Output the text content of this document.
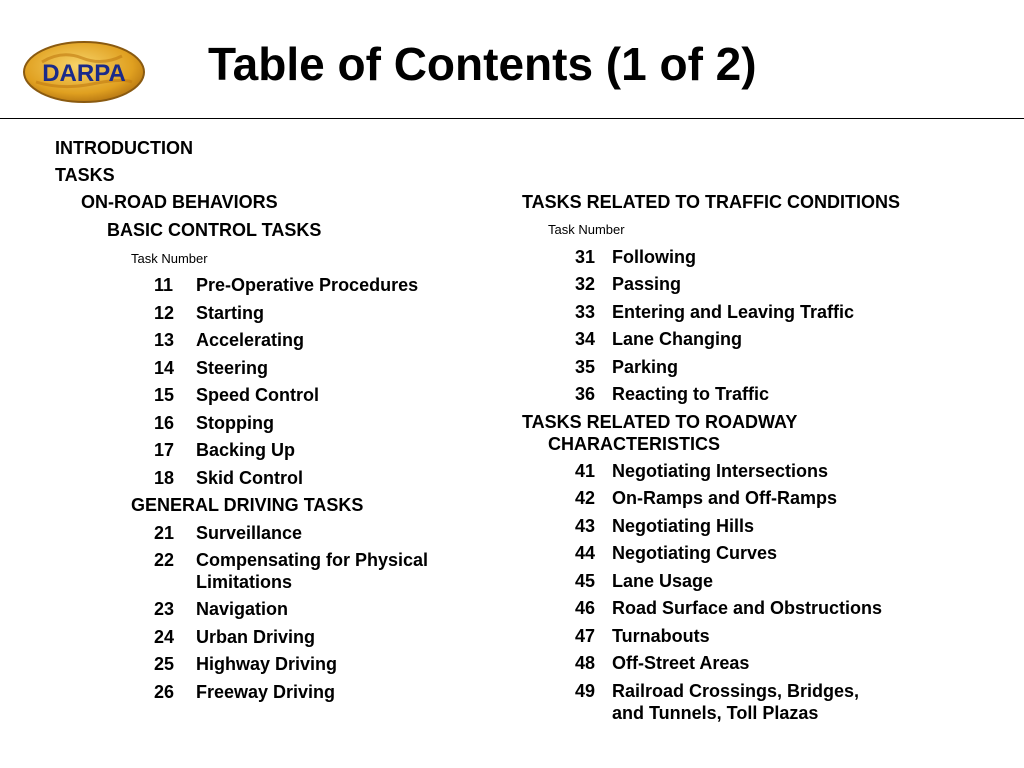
DARPA Table of Contents (1 of 2)
INTRODUCTION
TASKS
ON-ROAD BEHAVIORS
BASIC CONTROL TASKS
Task Number
11 Pre-Operative Procedures
12 Starting
13 Accelerating
14 Steering
15 Speed Control
16 Stopping
17 Backing Up
18 Skid Control
GENERAL DRIVING TASKS
21 Surveillance
22 Compensating for Physical
Limitations
23 Navigation
24 Urban Driving
25 Highway Driving
26 Freeway Driving
TASKS RELATED TO TRAFFIC CONDITIONS
Task Number
31 Following
32 Passing
33 Entering and Leaving Traffic
34 Lane Changing
35 Parking
36 Reacting to Traffic
TASKS RELATED TO ROADWAY
CHARACTERISTICS
41 Negotiating Intersections
42 On-Ramps and Off-Ramps
43 Negotiating Hills
44 Negotiating Curves
45 Lane Usage
46 Road Surface and Obstructions
47 Turnabouts
48 Off-Street Areas
49 Railroad Crossings, Bridges,
and Tunnels, Toll Plazas
